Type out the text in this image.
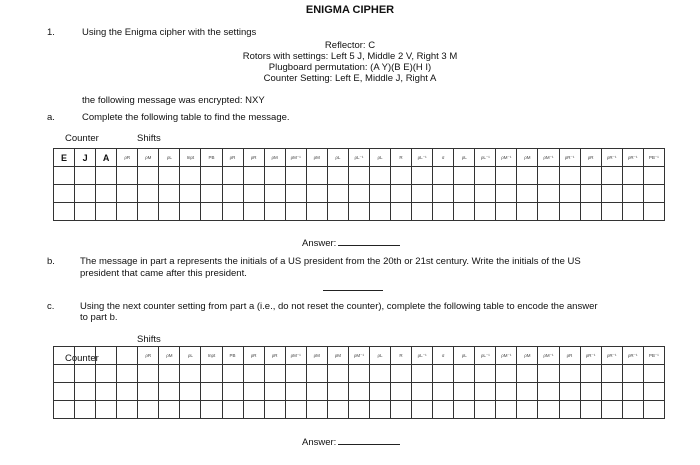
ENIGMA CIPHER
1.	Using the Enigma cipher with the settings
Reflector: C
Rotors with settings: Left 5 J, Middle 2 V, Right 3 M
Plugboard permutation: (A Y)(B E)(H I)
Counter Setting: Left E, Middle J, Right A
the following message was encrypted: NXY
a.	Complete the following table to find the message.
Counter	Shifts
E	J	A	ρR	ρM	ρL	Inpt	PB	ρR	ρR	ρM	ρM⁻¹	ρM	ρL	ρL⁻¹	ρL	R	ρL⁻¹	σ	ρL	ρL⁻¹	ρM⁻¹	ρM	ρM⁻¹	ρR⁻¹	ρR	ρR⁻¹	ρR⁻¹	PB⁻¹

Answer:
b.	The message in part a represents the initials of a US president from the 20th or 21st century. Write the initials of the US
president that came after this president.
c.	Using the next counter setting from part a (i.e., do not reset the counter), complete the following table to encode the answer
to part b.
Shifts
Counter
					ρR	ρM	ρL	Inpt	PB	ρR	ρR	ρM⁻¹	ρM	ρM	ρM⁻¹	ρL	R	ρL⁻¹	σ	ρL	ρL⁻¹	ρM⁻¹	ρM	ρM⁻¹	ρR	ρR⁻¹	ρR⁻¹	ρR⁻¹	PB⁻¹

Answer:
